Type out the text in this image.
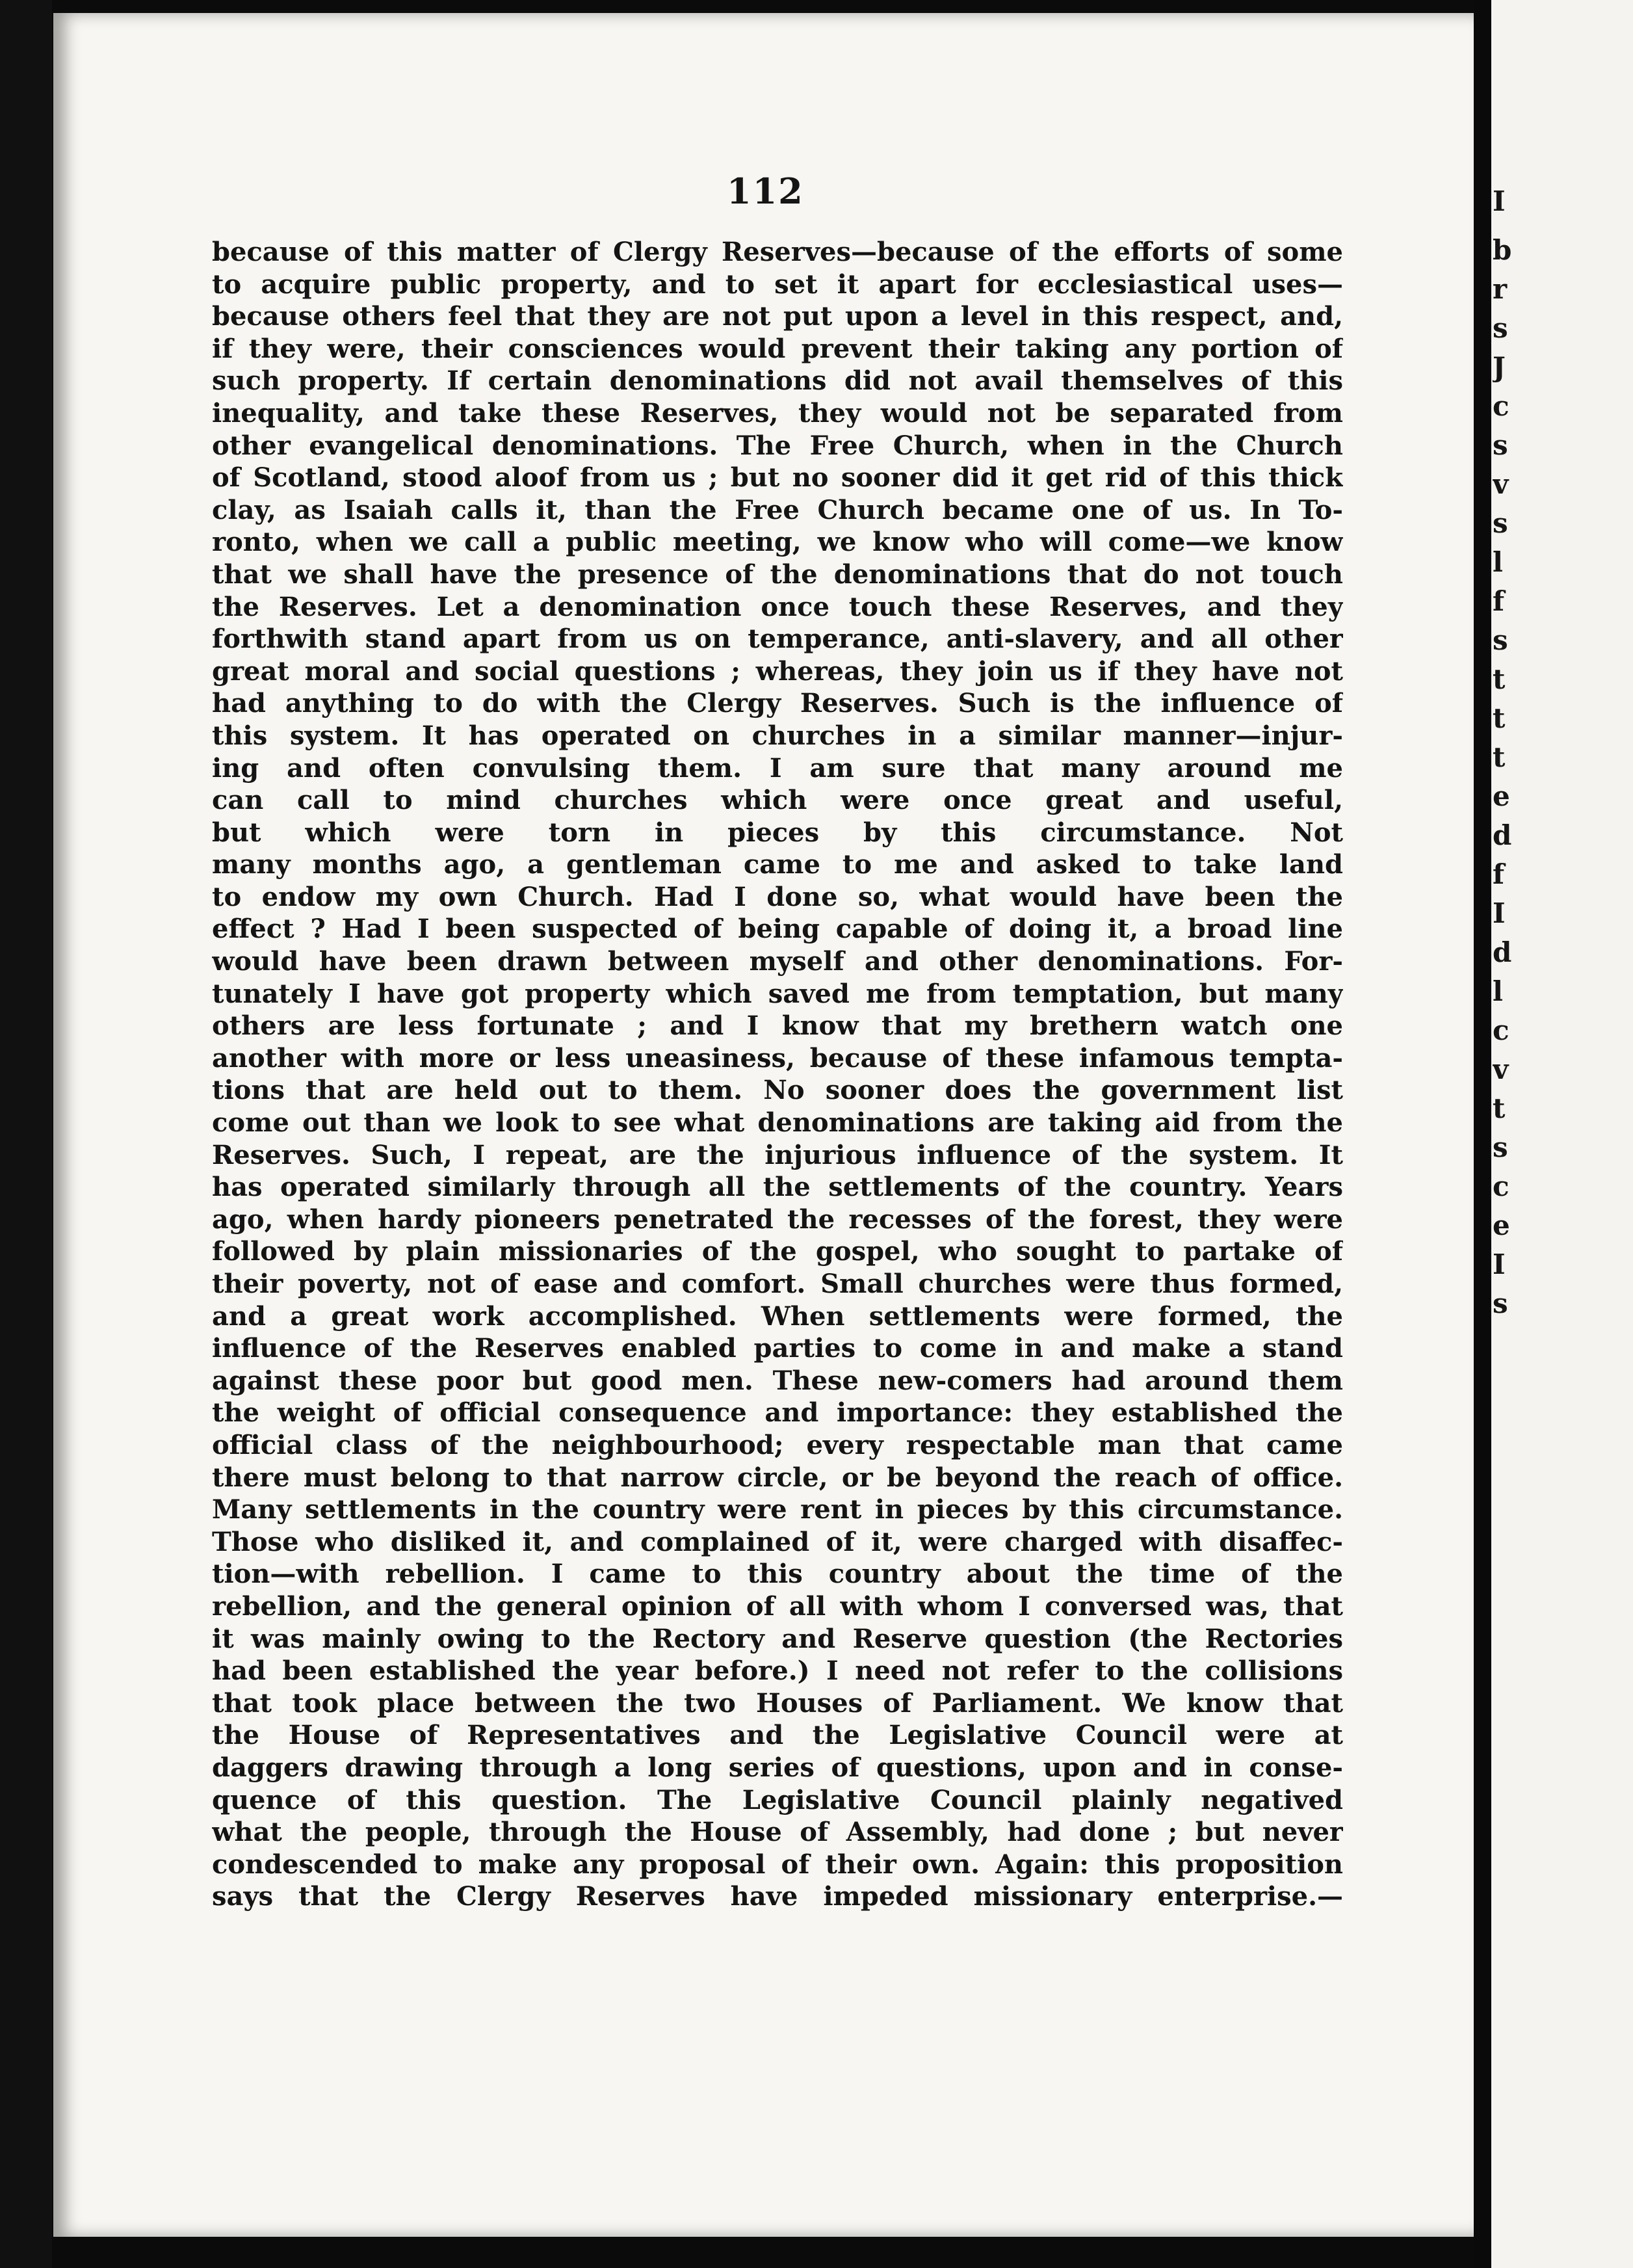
112
because of this matter of Clergy Reserves—because of the efforts of some
to acquire public property, and to set it apart for ecclesiastical uses—
because others feel that they are not put upon a level in this respect, and,
if they were, their consciences would prevent their taking any portion of
such property. If certain denominations did not avail themselves of this
inequality, and take these Reserves, they would not be separated from
other evangelical denominations. The Free Church, when in the Church
of Scotland, stood aloof from us ; but no sooner did it get rid of this thick
clay, as Isaiah calls it, than the Free Church became one of us. In To-
ronto, when we call a public meeting, we know who will come—we know
that we shall have the presence of the denominations that do not touch
the Reserves. Let a denomination once touch these Reserves, and they
forthwith stand apart from us on temperance, anti-slavery, and all other
great moral and social questions ; whereas, they join us if they have not
had anything to do with the Clergy Reserves. Such is the influence of
this system. It has operated on churches in a similar manner—injur-
ing and often convulsing them. I am sure that many around me
can call to mind churches which were once great and useful,
but which were torn in pieces by this circumstance. Not
many months ago, a gentleman came to me and asked to take land
to endow my own Church. Had I done so, what would have been the
effect ? Had I been suspected of being capable of doing it, a broad line
would have been drawn between myself and other denominations. For-
tunately I have got property which saved me from temptation, but many
others are less fortunate ; and I know that my brethern watch one
another with more or less uneasiness, because of these infamous tempta-
tions that are held out to them. No sooner does the government list
come out than we look to see what denominations are taking aid from the
Reserves. Such, I repeat, are the injurious influence of the system. It
has operated similarly through all the settlements of the country. Years
ago, when hardy pioneers penetrated the recesses of the forest, they were
followed by plain missionaries of the gospel, who sought to partake of
their poverty, not of ease and comfort. Small churches were thus formed,
and a great work accomplished. When settlements were formed, the
influence of the Reserves enabled parties to come in and make a stand
against these poor but good men. These new-comers had around them
the weight of official consequence and importance: they established the
official class of the neighbourhood; every respectable man that came
there must belong to that narrow circle, or be beyond the reach of office.
Many settlements in the country were rent in pieces by this circumstance.
Those who disliked it, and complained of it, were charged with disaffec-
tion—with rebellion. I came to this country about the time of the
rebellion, and the general opinion of all with whom I conversed was, that
it was mainly owing to the Rectory and Reserve question (the Rectories
had been established the year before.) I need not refer to the collisions
that took place between the two Houses of Parliament. We know that
the House of Representatives and the Legislative Council were at
daggers drawing through a long series of questions, upon and in conse-
quence of this question. The Legislative Council plainly negatived
what the people, through the House of Assembly, had done ; but never
condescended to make any proposal of their own. Again: this proposition
says that the Clergy Reserves have impeded missionary enterprise.—
I
b
r
s
J
c
s
v
s
l
f
s
t
t
t
e
d
f
I
d
l
c
v
t
s
c
e
I
s
